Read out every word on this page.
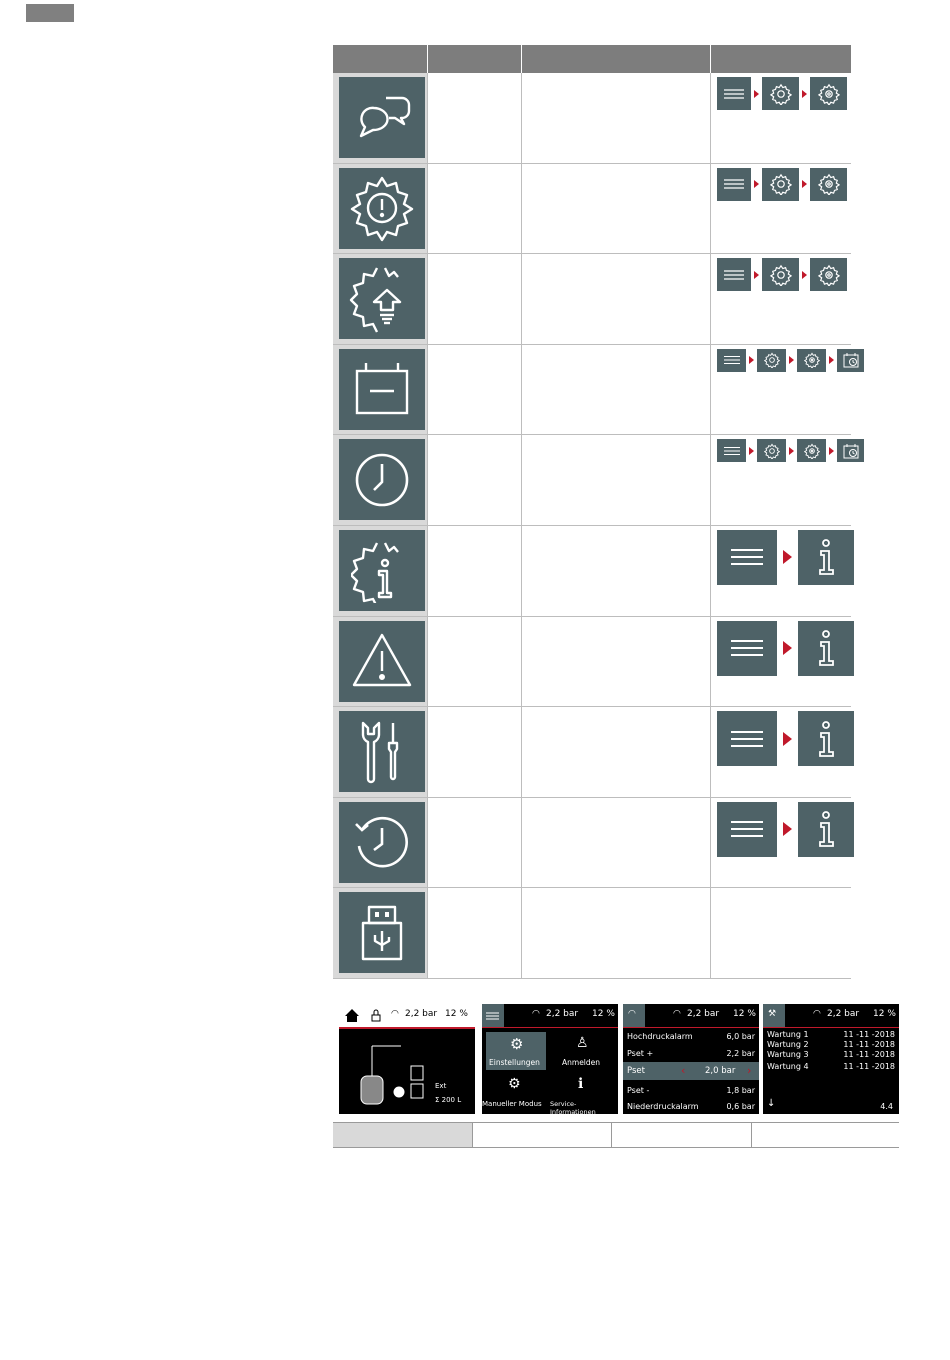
◠ 2,2 bar 12 %
Ext
Σ 200 L
◠ 2,2 bar 12 %
⚙
Einstellungen
♙
Anmelden
⚙
Manueller Modus
ℹ
Service-Informationen
◠	◠ 2,2 bar 12 %
Hochdruckalarm	6,0 bar
Pset +	2,2 bar
Pset	‹ 2,0 bar ›
Pset -	1,8 bar
Niederdruckalarm	0,6 bar
⚒	◠ 2,2 bar 12 %
Wartung 1	11 -11 -2018
Wartung 2	11 -11 -2018
Wartung 3	11 -11 -2018
Wartung 4	11 -11 -2018
↓	4.4
